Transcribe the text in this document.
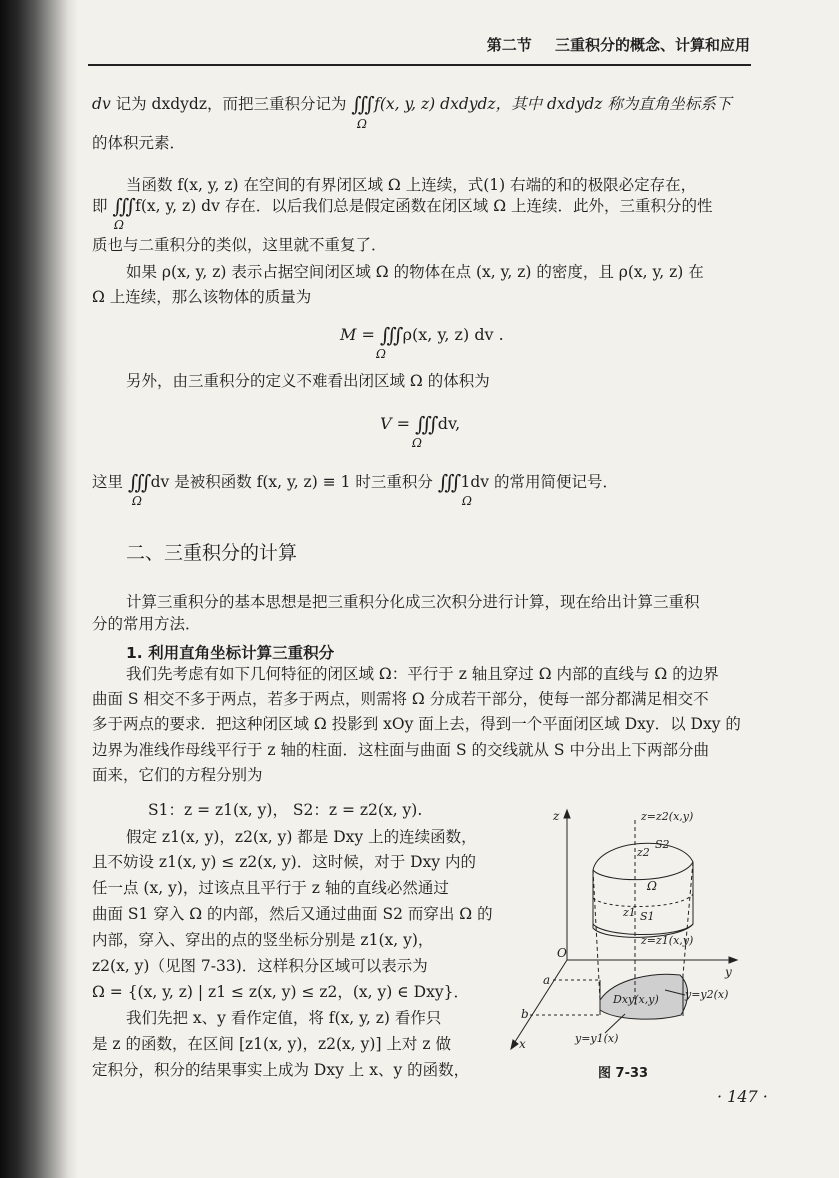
第二节 三重积分的概念、计算和应用
dv 记为 dxdydz，而把三重积分记为 ∭ f(x, y, z) dxdydz，其中 dxdydz 称为直角坐标系下
Ω
的体积元素．
当函数 f(x, y, z) 在空间的有界闭区域 Ω 上连续，式(1) 右端的和的极限必定存在，
即 ∭ f(x, y, z) dv 存在．以后我们总是假定函数在闭区域 Ω 上连续．此外，三重积分的性
Ω
质也与二重积分的类似，这里就不重复了．
如果 ρ(x, y, z) 表示占据空间闭区域 Ω 的物体在点 (x, y, z) 的密度，且 ρ(x, y, z) 在
Ω 上连续，那么该物体的质量为
M = ∭ ρ(x, y, z) dv .
Ω
另外，由三重积分的定义不难看出闭区域 Ω 的体积为
V = ∭ dv,
Ω
这里 ∭ dv 是被积函数 f(x, y, z) ≡ 1 时三重积分 ∭ 1dv 的常用简便记号．
Ω	Ω
二、三重积分的计算
计算三重积分的基本思想是把三重积分化成三次积分进行计算，现在给出计算三重积
分的常用方法．
1. 利用直角坐标计算三重积分
我们先考虑有如下几何特征的闭区域 Ω：平行于 z 轴且穿过 Ω 内部的直线与 Ω 的边界
曲面 S 相交不多于两点，若多于两点，则需将 Ω 分成若干部分，使每一部分都满足相交不
多于两点的要求．把这种闭区域 Ω 投影到 xOy 面上去，得到一个平面闭区域 Dxy．以 Dxy 的
边界为准线作母线平行于 z 轴的柱面．这柱面与曲面 S 的交线就从 S 中分出上下两部分曲
面来，它们的方程分别为
S1：z = z1(x, y)， S2：z = z2(x, y).
假定 z1(x, y)，z2(x, y) 都是 Dxy 上的连续函数，
且不妨设 z1(x, y) ≤ z2(x, y)．这时候，对于 Dxy 内的
任一点 (x, y)，过该点且平行于 z 轴的直线必然通过
曲面 S1 穿入 Ω 的内部，然后又通过曲面 S2 而穿出 Ω 的
内部，穿入、穿出的点的竖坐标分别是 z1(x, y)，
z2(x, y)（见图 7-33)．这样积分区域可以表示为
Ω = {(x, y, z) | z1 ≤ z(x, y) ≤ z2，(x, y) ∈ Dxy}．
我们先把 x、y 看作定值，将 f(x, y, z) 看作只
是 z 的函数，在区间 [z1(x, y)，z2(x, y)] 上对 z 做
定积分，积分的结果事实上成为 Dxy 上 x、y 的函数，
z
y
x
O
a
b
z=z2(x,y)
S2
z2
Ω
z1 S1
z=z1(x,y)
Dxy(x,y) y=y2(x)
y=y1(x)
图 7-33
· 147 ·
